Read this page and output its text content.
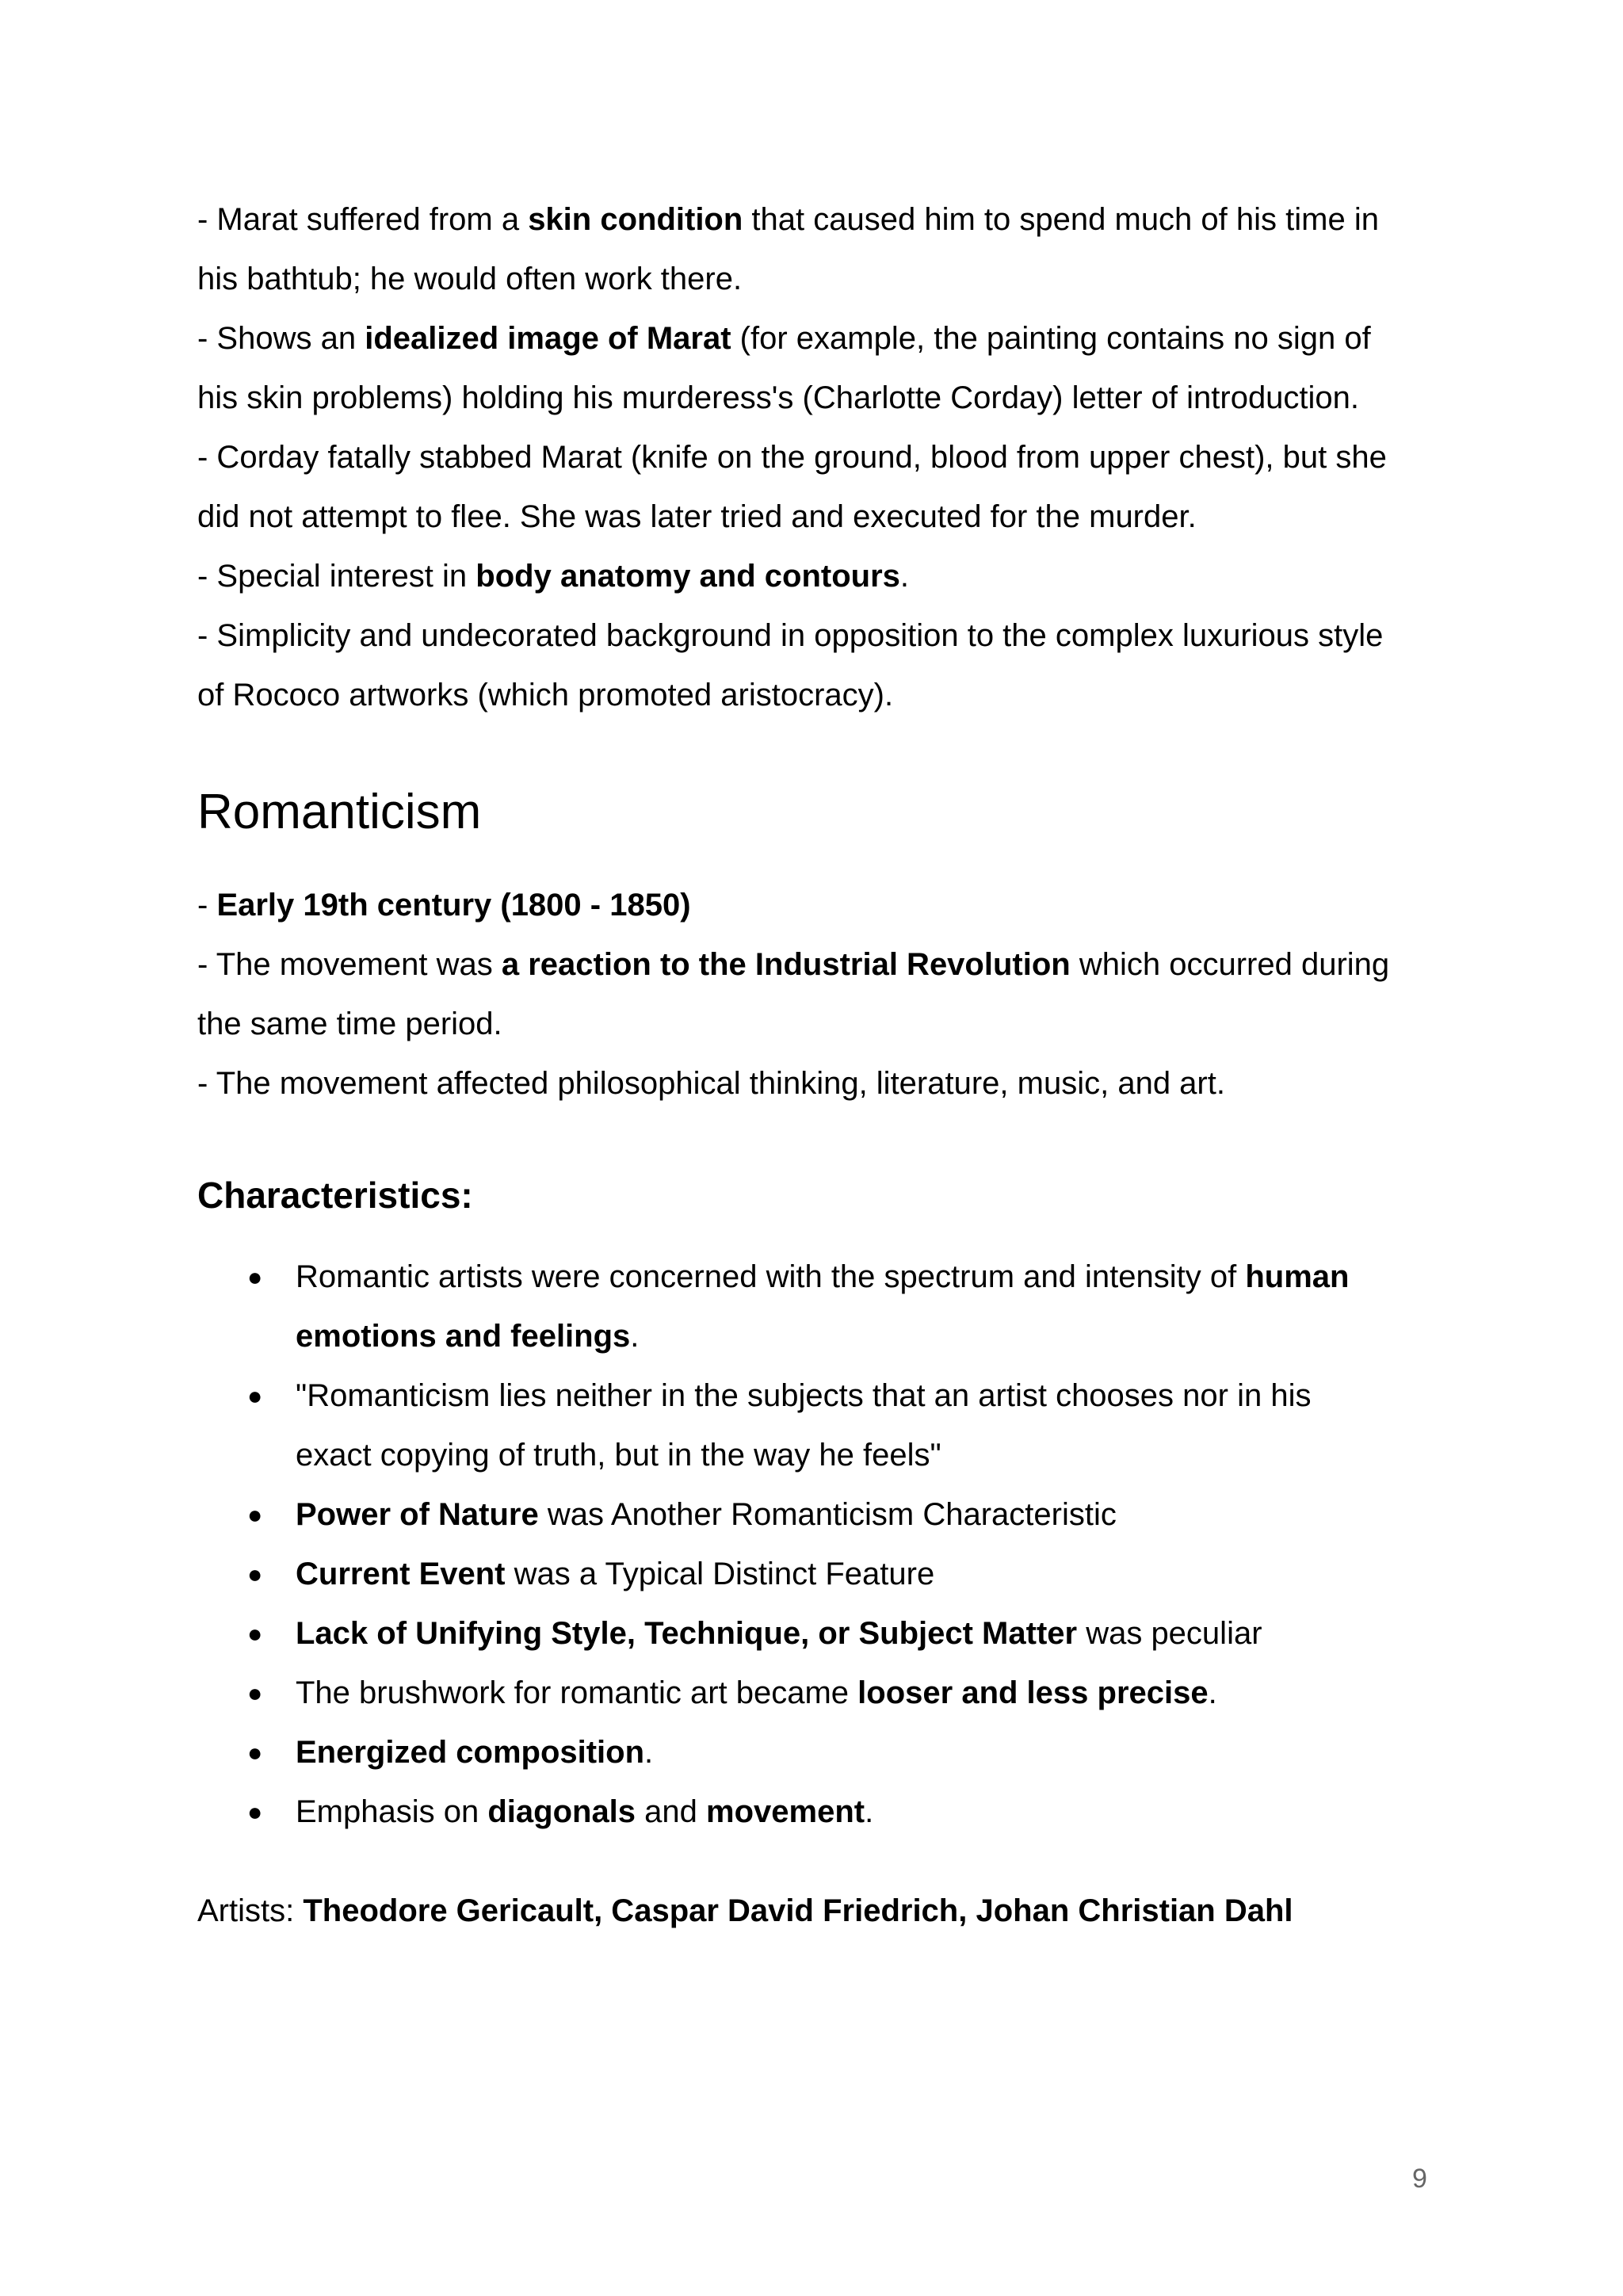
- Marat suffered from a skin condition that caused him to spend much of his time in

his bathtub; he would often work there.

- Shows an idealized image of Marat (for example, the painting contains no sign of

his skin problems) holding his murderess's (Charlotte Corday) letter of introduction.

- Corday fatally stabbed Marat (knife on the ground, blood from upper chest), but she

did not attempt to flee. She was later tried and executed for the murder.

- Special interest in body anatomy and contours.

- Simplicity and undecorated background in opposition to the complex luxurious style

of Rococo artworks (which promoted aristocracy).

Romanticism

- Early 19th century (1800 - 1850)

- The movement was a reaction to the Industrial Revolution which occurred during

the same time period.

- The movement affected philosophical thinking, literature, music, and art.

Characteristics:
● Romantic artists were concerned with the spectrum and intensity of human
emotions and feelings.
● "Romanticism lies neither in the subjects that an artist chooses nor in his
exact copying of truth, but in the way he feels"
● Power of Nature was Another Romanticism Characteristic
● Current Event was a Typical Distinct Feature
● Lack of Unifying Style, Technique, or Subject Matter was peculiar
● The brushwork for romantic art became looser and less precise.
● Energized composition.
● Emphasis on diagonals and movement.

Artists: Theodore Gericault, Caspar David Friedrich, Johan Christian Dahl

9
